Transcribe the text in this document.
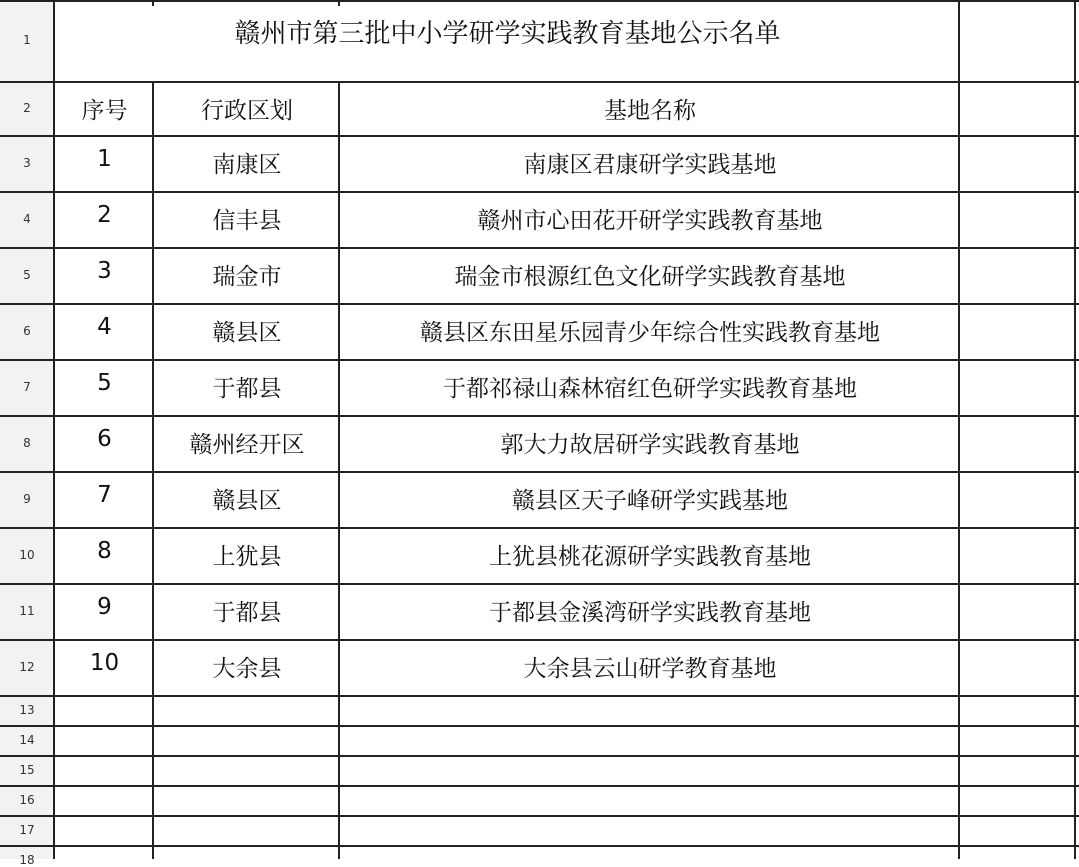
1
2
3
4
5
6
7
8
9
10
11
12
13
14
15
16
17
18
赣州市第三批中小学研学实践教育基地公示名单
序号	行政区划	基地名称
1	南康区	南康区君康研学实践基地
2	信丰县	赣州市心田花开研学实践教育基地
3	瑞金市	瑞金市根源红色文化研学实践教育基地
4	赣县区	赣县区东田星乐园青少年综合性实践教育基地
5	于都县	于都祁禄山森林宿红色研学实践教育基地
6	赣州经开区	郭大力故居研学实践教育基地
7	赣县区	赣县区天子峰研学实践基地
8	上犹县	上犹县桃花源研学实践教育基地
9	于都县	于都县金溪湾研学实践教育基地
10	大余县	大余县云山研学教育基地
